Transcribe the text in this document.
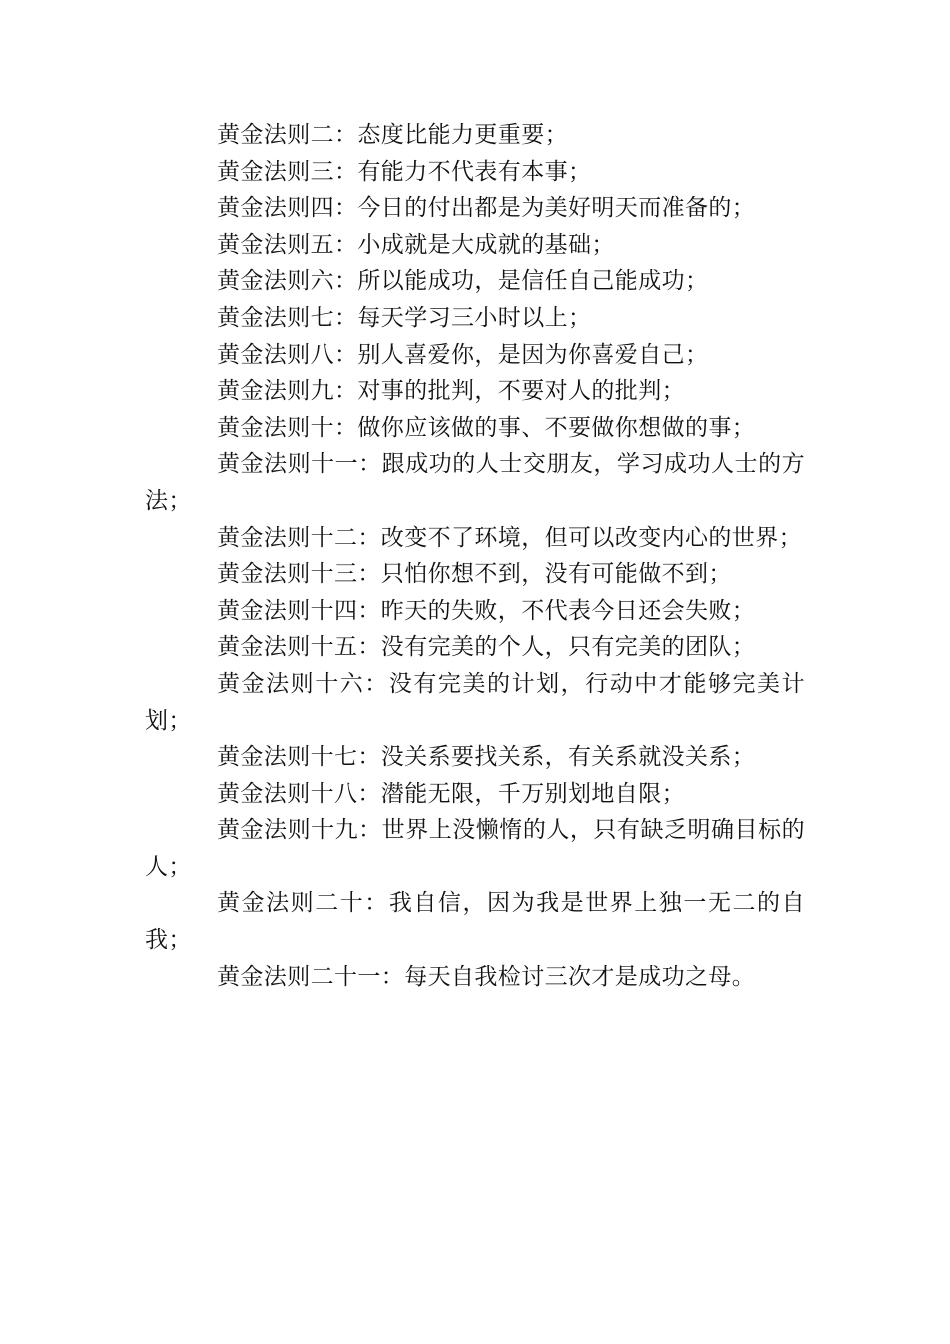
黄金法则二：态度比能力更重要；

黄金法则三：有能力不代表有本事；

黄金法则四：今日的付出都是为美好明天而准备的；

黄金法则五：小成就是大成就的基础；

黄金法则六：所以能成功，是信任自己能成功；

黄金法则七：每天学习三小时以上；

黄金法则八：别人喜爱你，是因为你喜爱自己；

黄金法则九：对事的批判，不要对人的批判；

黄金法则十：做你应该做的事、不要做你想做的事；

黄金法则十一：跟成功的人士交朋友，学习成功人士的方法；

黄金法则十二：改变不了环境，但可以改变内心的世界；

黄金法则十三：只怕你想不到，没有可能做不到；

黄金法则十四：昨天的失败，不代表今日还会失败；

黄金法则十五：没有完美的个人，只有完美的团队；

黄金法则十六：没有完美的计划，行动中才能够完美计划；

黄金法则十七：没关系要找关系，有关系就没关系；

黄金法则十八：潜能无限，千万别划地自限；

黄金法则十九：世界上没懒惰的人，只有缺乏明确目标的人；

黄金法则二十：我自信，因为我是世界上独一无二的自我；

黄金法则二十一：每天自我检讨三次才是成功之母。
